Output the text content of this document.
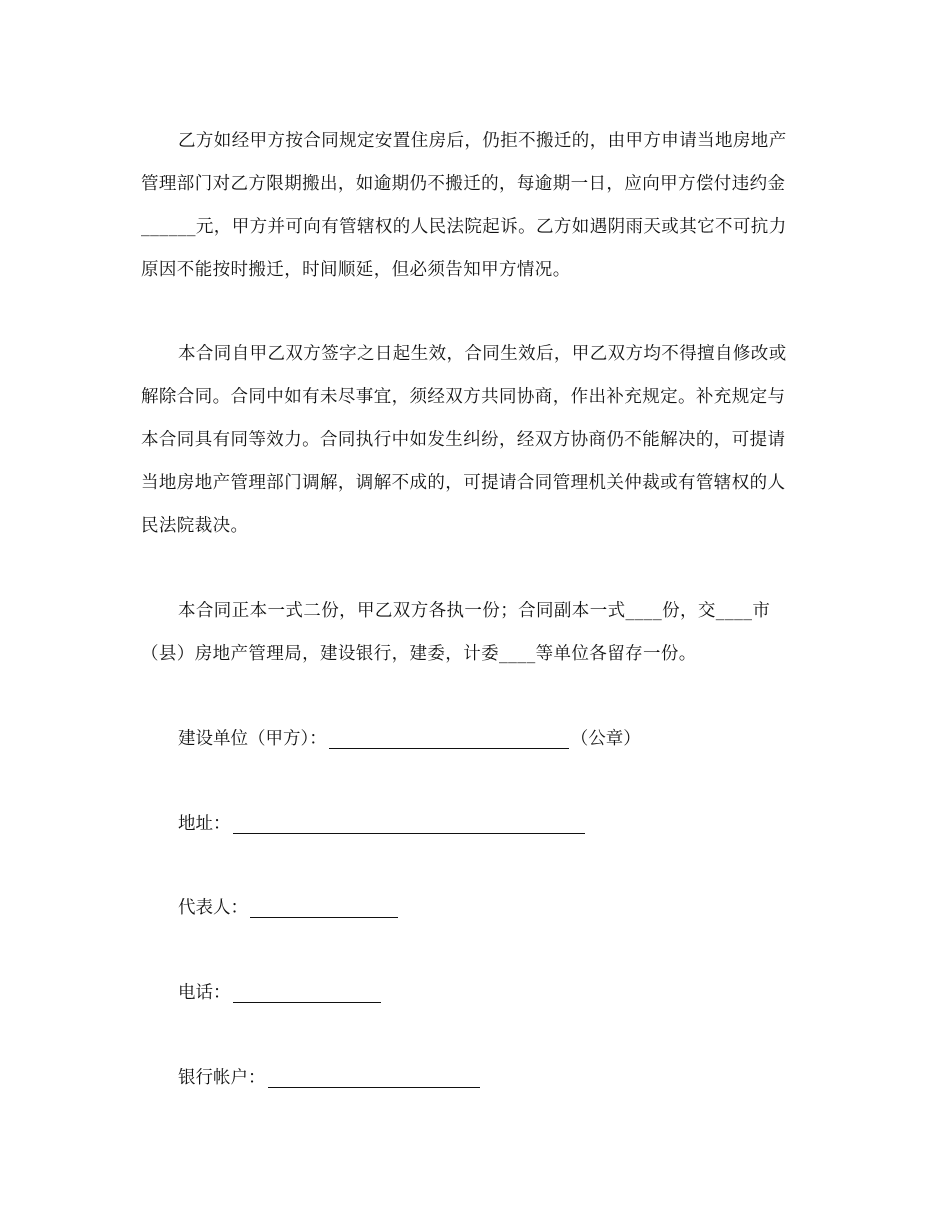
乙方如经甲方按合同规定安置住房后，仍拒不搬迁的，由甲方申请当地房地产
管理部门对乙方限期搬出，如逾期仍不搬迁的，每逾期一日，应向甲方偿付违约金
______元，甲方并可向有管辖权的人民法院起诉。乙方如遇阴雨天或其它不可抗力
原因不能按时搬迁，时间顺延，但必须告知甲方情况。
本合同自甲乙双方签字之日起生效，合同生效后，甲乙双方均不得擅自修改或
解除合同。合同中如有未尽事宜，须经双方共同协商，作出补充规定。补充规定与
本合同具有同等效力。合同执行中如发生纠纷，经双方协商仍不能解决的，可提请
当地房地产管理部门调解，调解不成的，可提请合同管理机关仲裁或有管辖权的人
民法院裁决。
本合同正本一式二份，甲乙双方各执一份；合同副本一式____份，交____市
（县）房地产管理局，建设银行，建委，计委____等单位各留存一份。
建设单位（甲方）：	（公章）
地址：
代表人：
电话：
银行帐户：
